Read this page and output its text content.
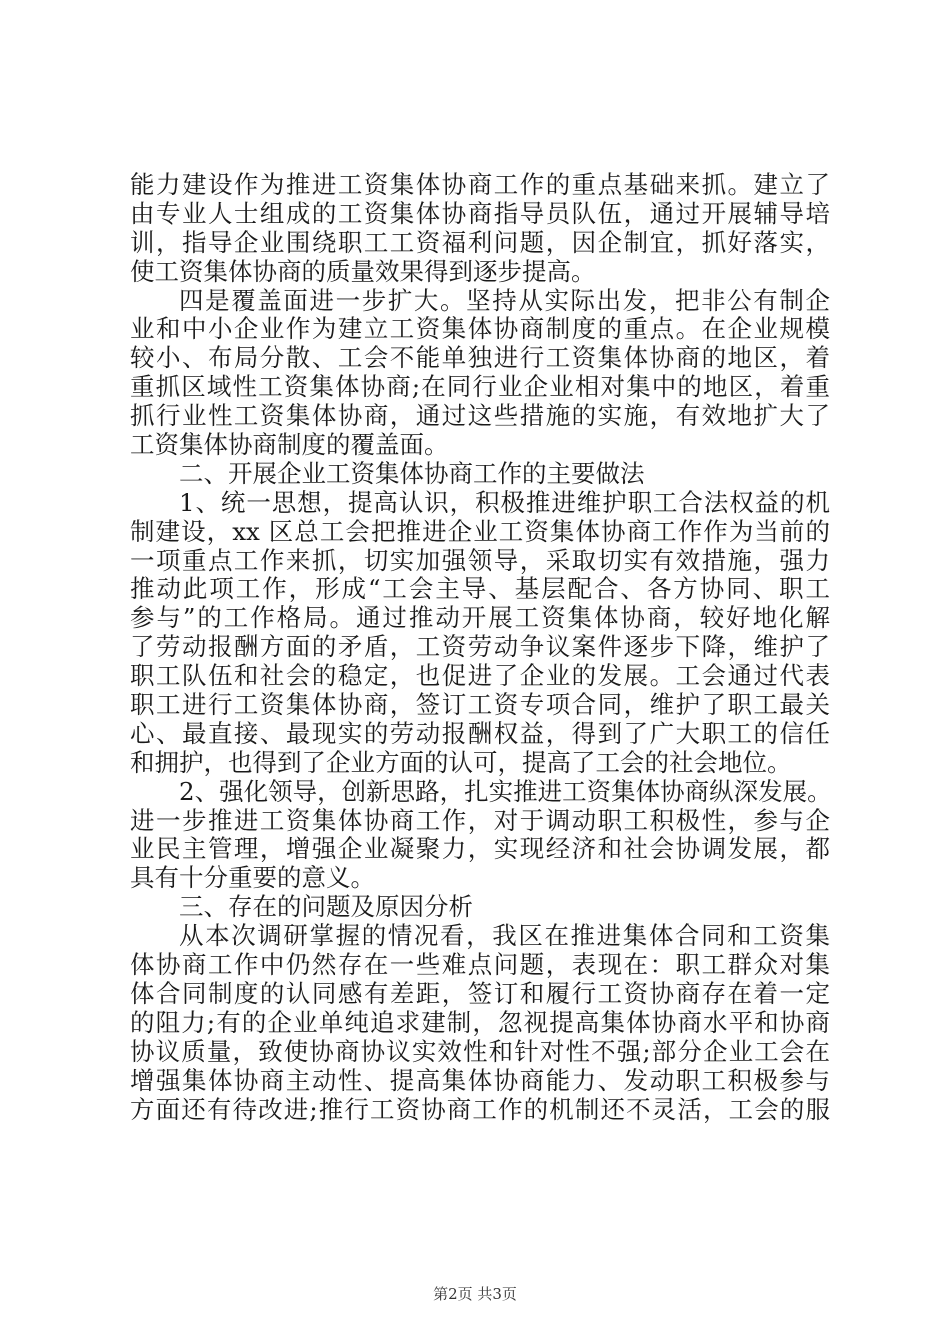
能力建设作为推进工资集体协商工作的重点基础来抓。建立了
由专业人士组成的工资集体协商指导员队伍，通过开展辅导培
训，指导企业围绕职工工资福利问题，因企制宜，抓好落实，
使工资集体协商的质量效果得到逐步提高。
四是覆盖面进一步扩大。坚持从实际出发，把非公有制企
业和中小企业作为建立工资集体协商制度的重点。在企业规模
较小、布局分散、工会不能单独进行工资集体协商的地区，着
重抓区域性工资集体协商;在同行业企业相对集中的地区，着重
抓行业性工资集体协商，通过这些措施的实施，有效地扩大了
工资集体协商制度的覆盖面。
二、开展企业工资集体协商工作的主要做法
1、统一思想，提高认识，积极推进维护职工合法权益的机
制建设，xx 区总工会把推进企业工资集体协商工作作为当前的
一项重点工作来抓，切实加强领导，采取切实有效措施，强力
推动此项工作，形成“工会主导、基层配合、各方协同、职工
参与”的工作格局。通过推动开展工资集体协商，较好地化解
了劳动报酬方面的矛盾，工资劳动争议案件逐步下降，维护了
职工队伍和社会的稳定，也促进了企业的发展。工会通过代表
职工进行工资集体协商，签订工资专项合同，维护了职工最关
心、最直接、最现实的劳动报酬权益，得到了广大职工的信任
和拥护，也得到了企业方面的认可，提高了工会的社会地位。
2、强化领导，创新思路，扎实推进工资集体协商纵深发展。
进一步推进工资集体协商工作，对于调动职工积极性，参与企
业民主管理，增强企业凝聚力，实现经济和社会协调发展，都
具有十分重要的意义。
三、存在的问题及原因分析
从本次调研掌握的情况看，我区在推进集体合同和工资集
体协商工作中仍然存在一些难点问题，表现在：职工群众对集
体合同制度的认同感有差距，签订和履行工资协商存在着一定
的阻力;有的企业单纯追求建制，忽视提高集体协商水平和协商
协议质量，致使协商协议实效性和针对性不强;部分企业工会在
增强集体协商主动性、提高集体协商能力、发动职工积极参与
方面还有待改进;推行工资协商工作的机制还不灵活，工会的服
第2页 共3页
